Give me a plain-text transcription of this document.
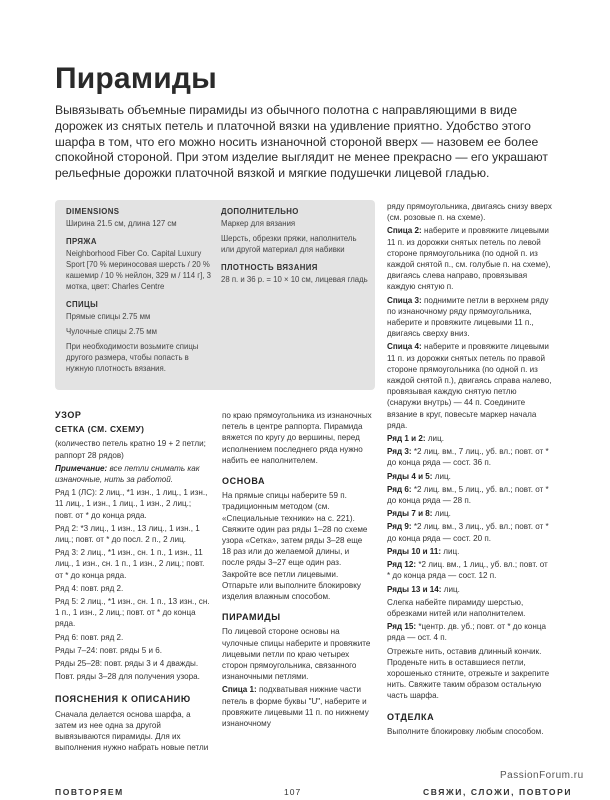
Пирамиды
Вывязывать объемные пирамиды из обычного полотна с направляющими в виде дорожек из снятых петель и платочной вязки на удивление приятно. Удобство этого шарфа в том, что его можно носить изнаночной стороной вверх — назовем ее более спокойной стороной. При этом изделие выглядит не менее прекрасно — его украшают рельефные дорожки платочной вязкой и мягкие подушечки лицевой гладью.
DIMENSIONS
Ширина 21.5 см, длина 127 см
ПРЯЖА
Neighborhood Fiber Co. Capital Luxury Sport [70 % мериносовая шерсть / 20 % кашемир / 10 % нейлон, 329 м / 114 г], 3 мотка, цвет: Charles Centre
СПИЦЫ
Прямые спицы 2.75 мм
Чулочные спицы 2.75 мм
При необходимости возьмите спицы другого размера, чтобы попасть в нужную плотность вязания.
ДОПОЛНИТЕЛЬНО
Маркер для вязания
Шерсть, обрезки пряжи, наполнитель или другой материал для набивки
ПЛОТНОСТЬ ВЯЗАНИЯ
28 п. и 36 р. = 10 × 10 см, лицевая гладь
УЗОР
СЕТКА (СМ. СХЕМУ)
(количество петель кратно 19 + 2 петли; раппорт 28 рядов)
Примечание: все петли снимать как изнаночные, нить за работой.
Ряд 1 (ЛС): 2 лиц., *1 изн., 1 лиц., 1 изн., 11 лиц., 1 изн., 1 лиц., 1 изн., 2 лиц.; повт. от * до конца ряда.
Ряд 2: *3 лиц., 1 изн., 13 лиц., 1 изн., 1 лиц.; повт. от * до посл. 2 п., 2 лиц.
Ряд 3: 2 лиц., *1 изн., сн. 1 п., 1 изн., 11 лиц., 1 изн., сн. 1 п., 1 изн., 2 лиц.; повт. от * до конца ряда.
Ряд 4: повт. ряд 2.
Ряд 5: 2 лиц., *1 изн., сн. 1 п., 13 изн., сн. 1 п., 1 изн., 2 лиц.; повт. от * до конца ряда.
Ряд 6: повт. ряд 2.
Ряды 7–24: повт. ряды 5 и 6.
Ряды 25–28: повт. ряды 3 и 4 дважды.
Повт. ряды 3–28 для получения узора.
ПОЯСНЕНИЯ К ОПИСАНИЮ
Сначала делается основа шарфа, а затем из нее одна за другой вывязываются пирамиды. Для их выполнения нужно набрать новые петли
по краю прямоугольника из изнаночных петель в центре раппорта. Пирамида вяжется по кругу до вершины, перед исполнением последнего ряда нужно набить ее наполнителем.
ОСНОВА
На прямые спицы наберите 59 п. традиционным методом (см. «Специальные техники» на с. 221). Свяжите один раз ряды 1–28 по схеме узора «Сетка», затем ряды 3–28 еще 18 раз или до желаемой длины, и после ряды 3–27 еще один раз. Закройте все петли лицевыми. Отпарьте или выполните блокировку изделия влажным способом.
ПИРАМИДЫ
По лицевой стороне основы на чулочные спицы наберите и провяжите лицевыми петли по краю четырех сторон прямоугольника, связанного изнаночными петлями.
Спица 1: подхватывая нижние части петель в форме буквы "U", наберите и провяжите лицевыми 11 п. по нижнему изнаночному
ряду прямоугольника, двигаясь снизу вверх (см. розовые п. на схеме).
Спица 2: наберите и провяжите лицевыми 11 п. из дорожки снятых петель по левой стороне прямоугольника (по одной п. из каждой снятой п., см. голубые п. на схеме), двигаясь слева направо, провязывая каждую снятую п.
Спица 3: поднимите петли в верхнем ряду по изнаночному ряду прямоугольника, наберите и провяжите лицевыми 11 п., двигаясь сверху вниз.
Спица 4: наберите и провяжите лицевыми 11 п. из дорожки снятых петель по правой стороне прямоугольника (по одной п. из каждой снятой п.), двигаясь справа налево, провязывая каждую снятую петлю (снаружи внутрь) — 44 п. Соедините вязание в круг, повесьте маркер начала ряда.
Ряд 1 и 2: лиц.
Ряд 3: *2 лиц. вм., 7 лиц., уб. вл.; повт. от * до конца ряда — сост. 36 п.
Ряды 4 и 5: лиц.
Ряд 6: *2 лиц. вм., 5 лиц., уб. вл.; повт. от * до конца ряда — 28 п.
Ряды 7 и 8: лиц.
Ряд 9: *2 лиц. вм., 3 лиц., уб. вл.; повт. от * до конца ряда — сост. 20 п.
Ряды 10 и 11: лиц.
Ряд 12: *2 лиц. вм., 1 лиц., уб. вл.; повт. от * до конца ряда — сост. 12 п.
Ряды 13 и 14: лиц.
Слегка набейте пирамиду шерстью, обрезками нитей или наполнителем.
Ряд 15: *центр. дв. уб.; повт. от * до конца ряда — ост. 4 п.
Отрежьте нить, оставив длинный кончик. Проденьте нить в оставшиеся петли, хорошенько стяните, отрежьте и закрепите нить. Свяжите таким образом остальную часть шарфа.
ОТДЕЛКА
Выполните блокировку любым способом.
ПОВТОРЯЕМ	107	СВЯЖИ, СЛОЖИ, ПОВТОРИ
PassionForum.ru
